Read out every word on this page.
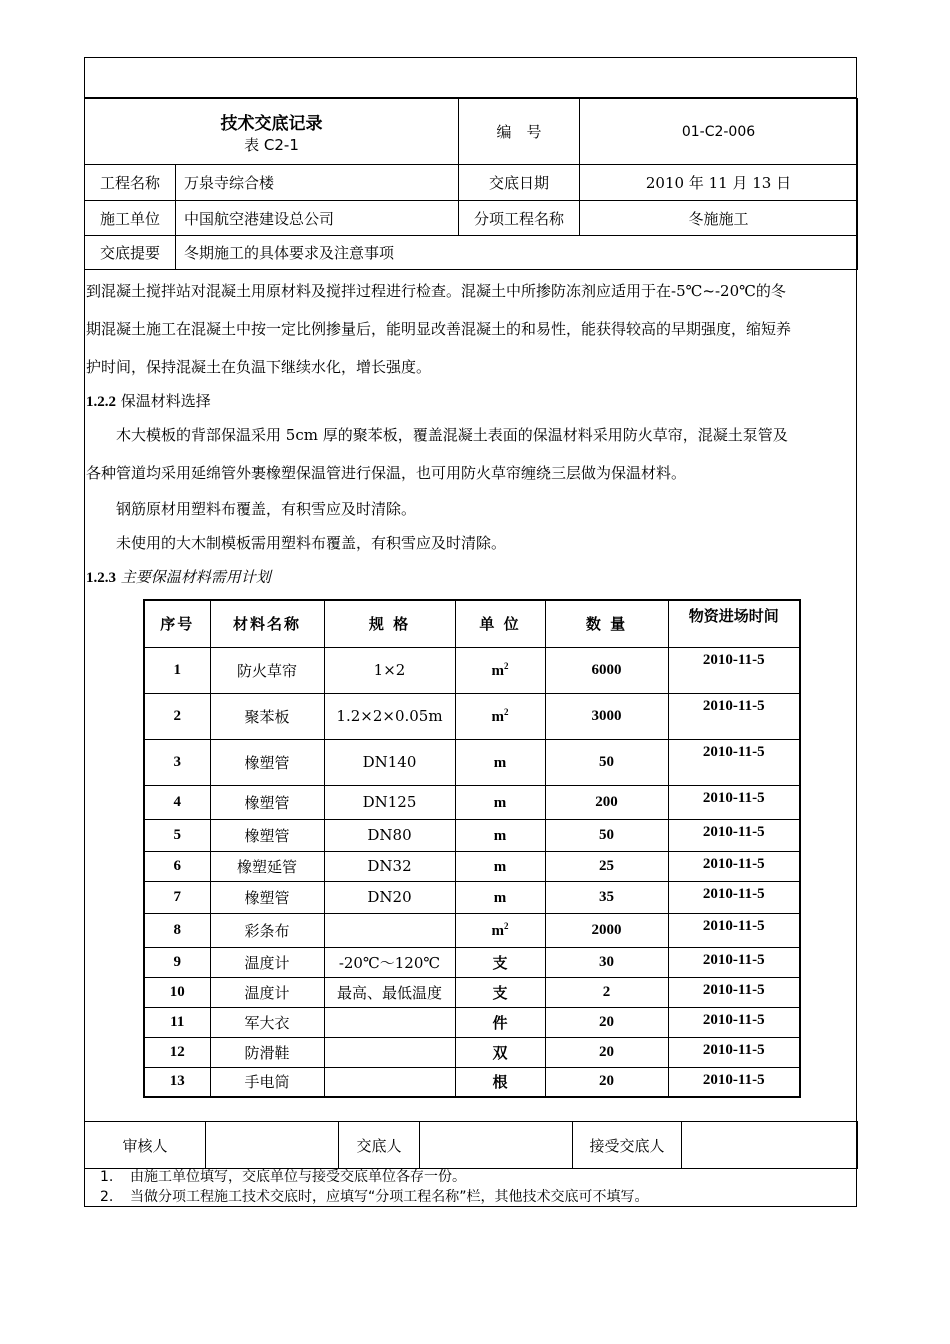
技术交底记录
表 C2-1		编　号	01-C2-006
工程名称	万泉寺综合楼	交底日期	2010 年 11 月 13 日
施工单位	中国航空港建设总公司	分项工程名称	冬施施工
交底提要	冬期施工的具体要求及注意事项		
到混凝土搅拌站对混凝土用原材料及搅拌过程进行检查。混凝土中所掺防冻剂应适用于在-5℃~-20℃的冬
期混凝土施工在混凝土中按一定比例掺量后，能明显改善混凝土的和易性，能获得较高的早期强度，缩短养
护时间，保持混凝土在负温下继续水化，增长强度。
1.2.2 保温材料选择
木大模板的背部保温采用 5cm 厚的聚苯板，覆盖混凝土表面的保温材料采用防火草帘，混凝土泵管及
各种管道均采用延绵管外裹橡塑保温管进行保温，也可用防火草帘缠绕三层做为保温材料。
钢筋原材用塑料布覆盖，有积雪应及时清除。
未使用的大木制模板需用塑料布覆盖，有积雪应及时清除。
1.2.3 主要保温材料需用计划
序号	材料名称	规 格	单 位	数 量	物资进场时间
1	防火草帘	1×2	$m^2$	6000	2010-11-5
2	聚苯板	1.2×2×0.05m	$m^2$	3000	2010-11-5
3	橡塑管	DN140	m	50	2010-11-5
4	橡塑管	DN125	m	200	2010-11-5
5	橡塑管	DN80	m	50	2010-11-5
6	橡塑延管	DN32	m	25	2010-11-5
7	橡塑管	DN20	m	35	2010-11-5
8	彩条布		$m^2$	2000	2010-11-5
9	温度计	-20℃～120℃	支	30	2010-11-5
10	温度计	最高、最低温度	支	2	2010-11-5
11	军大衣		件	20	2010-11-5
12	防滑鞋		双	20	2010-11-5
13	手电筒		根	20	2010-11-5
审核人		交底人		接受交底人	
1. 由施工单位填写，交底单位与接受交底单位各存一份。
2. 当做分项工程施工技术交底时，应填写“分项工程名称”栏，其他技术交底可不填写。
